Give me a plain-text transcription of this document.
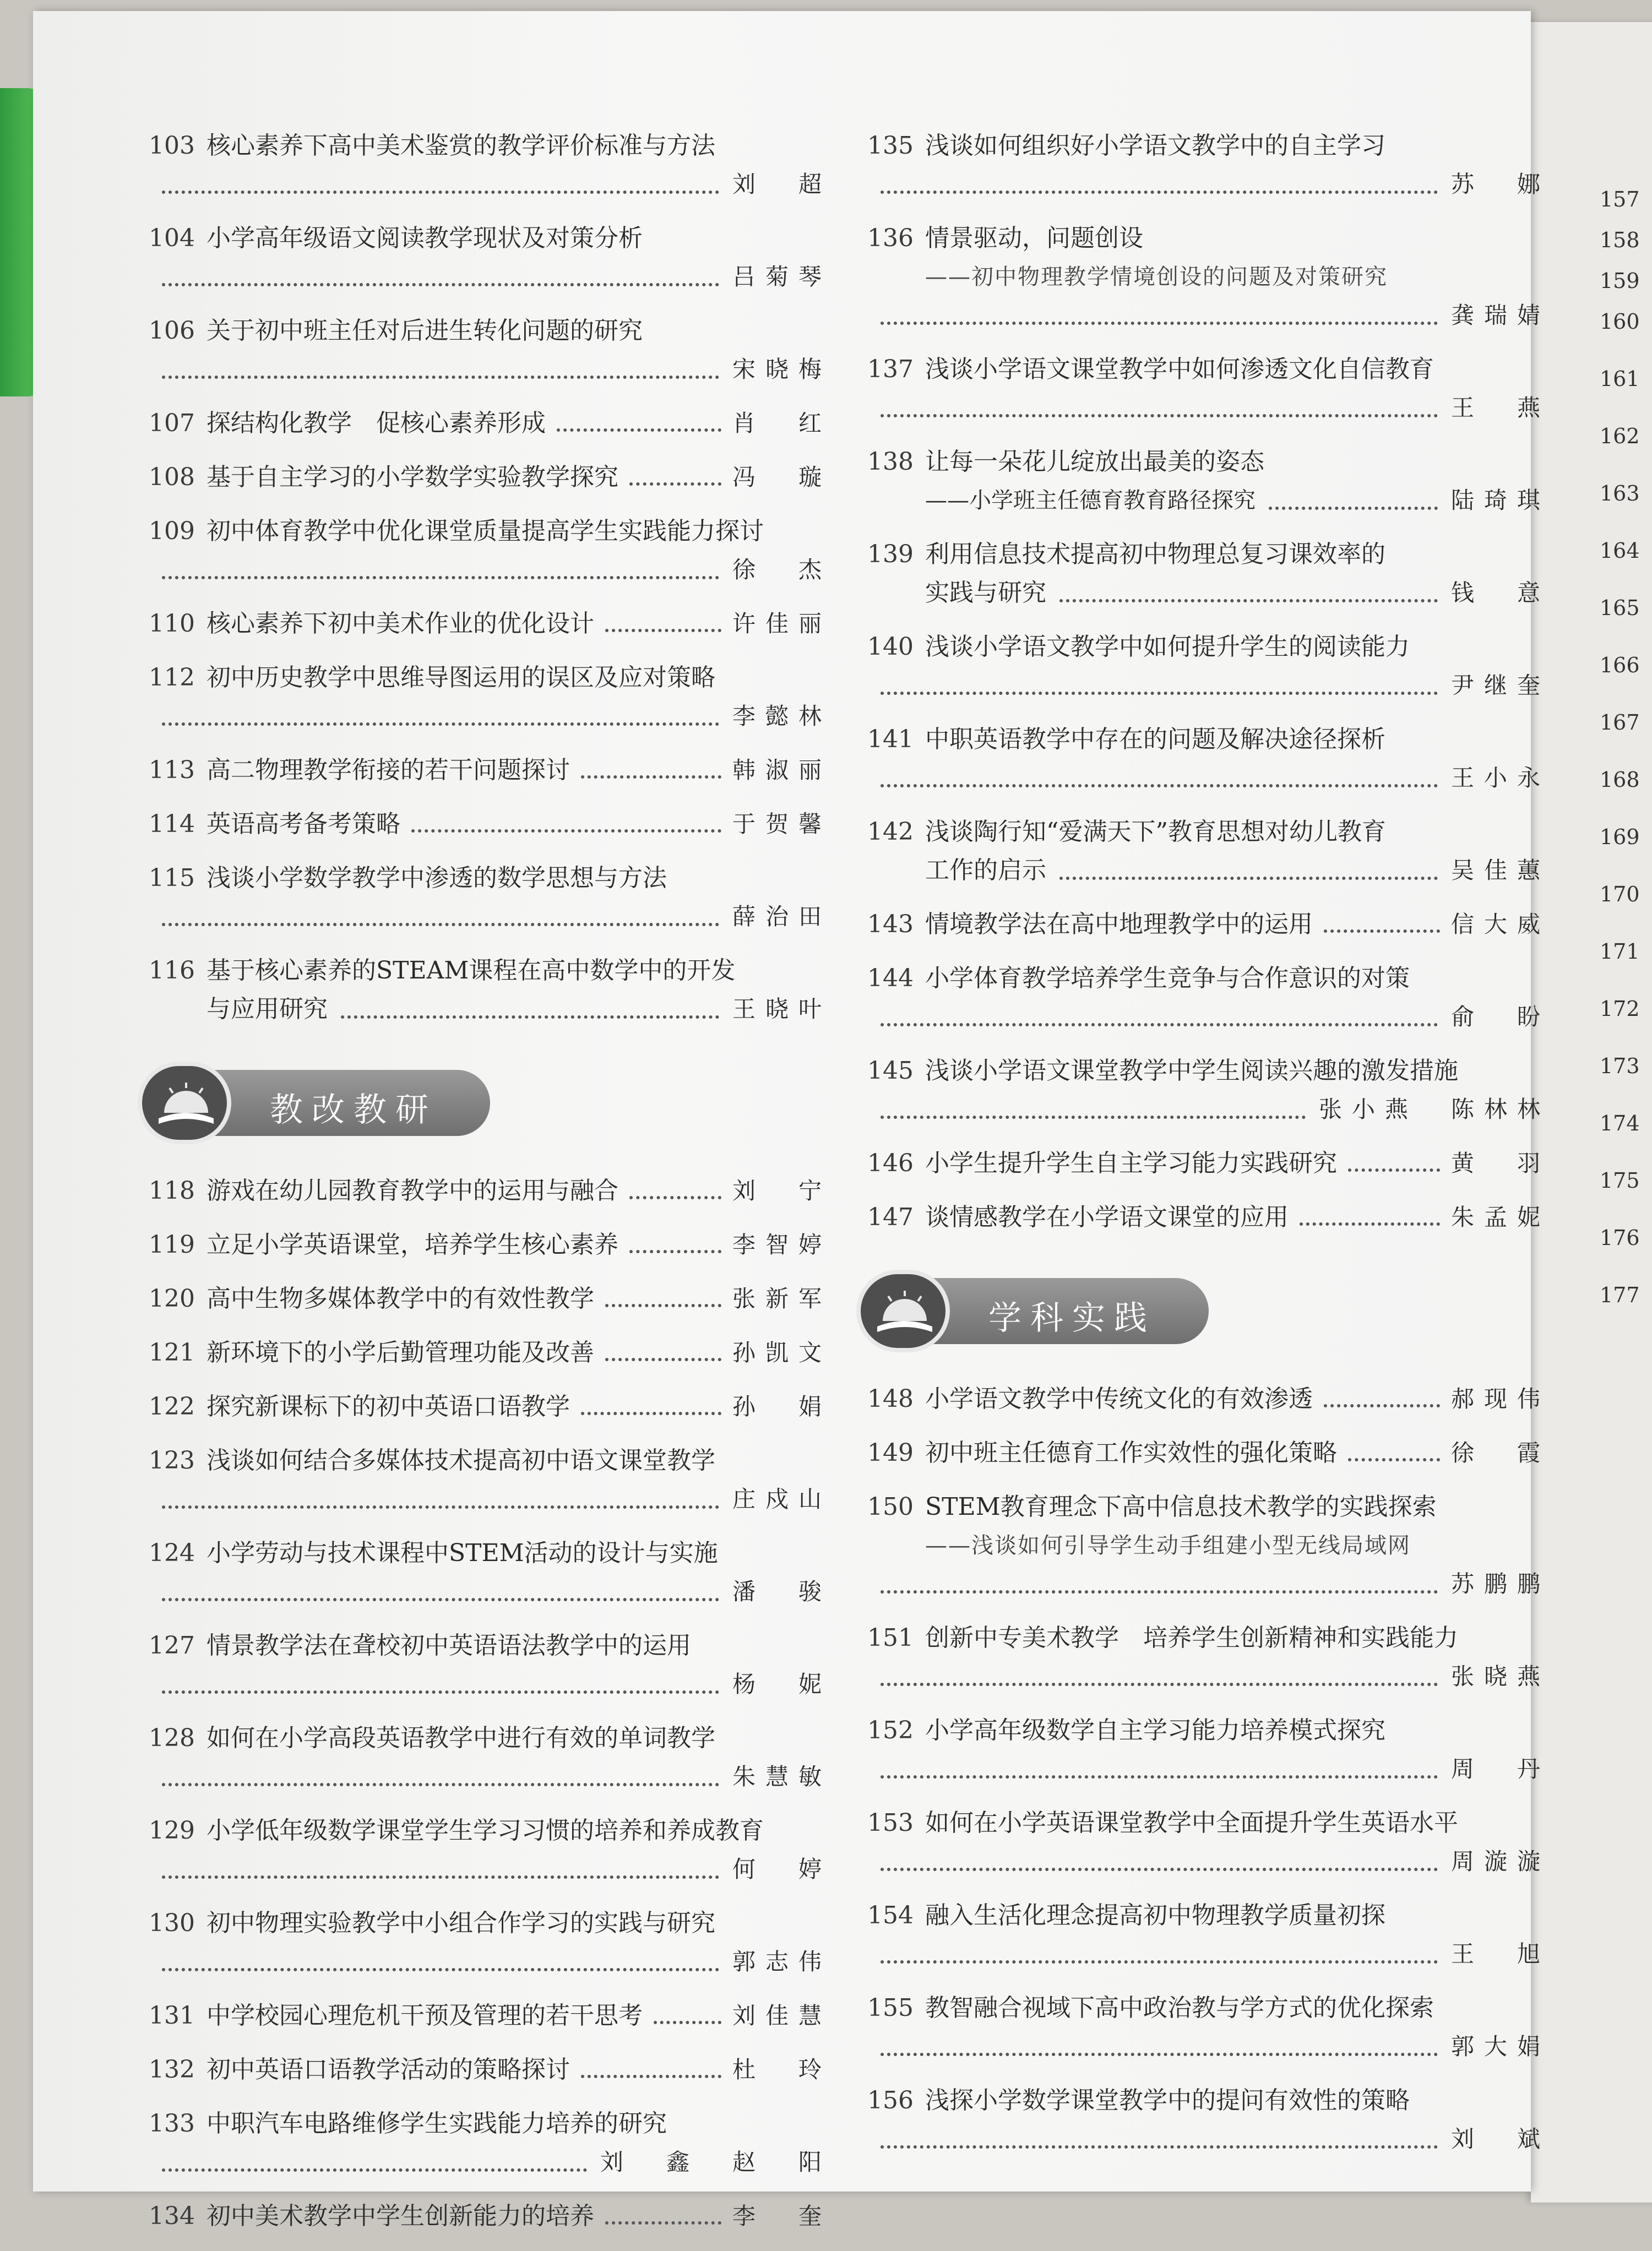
157
158
159
160
161
162
163
164
165
166
167
168
169
170
171
172
173
174
175
176
177
103 核心素养下高中美术鉴赏的教学评价标准与方法
刘　超
104 小学高年级语文阅读教学现状及对策分析
吕菊琴
106 关于初中班主任对后进生转化问题的研究
宋晓梅
107 探结构化教学　促核心素养形成	肖　红
108 基于自主学习的小学数学实验教学探究	冯　璇
109 初中体育教学中优化课堂质量提高学生实践能力探讨
徐　杰
110 核心素养下初中美术作业的优化设计	许佳丽
112 初中历史教学中思维导图运用的误区及应对策略
李懿林
113 高二物理教学衔接的若干问题探讨	韩淑丽
114 英语高考备考策略	于贺馨
115 浅谈小学数学教学中渗透的数学思想与方法
薛治田
116 基于核心素养的STEAM课程在高中数学中的开发
与应用研究	王晓叶
教改教研
118 游戏在幼儿园教育教学中的运用与融合	刘　宁
119 立足小学英语课堂，培养学生核心素养	李智婷
120 高中生物多媒体教学中的有效性教学	张新军
121 新环境下的小学后勤管理功能及改善	孙凯文
122 探究新课标下的初中英语口语教学	孙　娟
123 浅谈如何结合多媒体技术提高初中语文课堂教学
庄戍山
124 小学劳动与技术课程中STEM活动的设计与实施
潘　骏
127 情景教学法在聋校初中英语语法教学中的运用
杨　妮
128 如何在小学高段英语教学中进行有效的单词教学
朱慧敏
129 小学低年级数学课堂学生学习习惯的培养和养成教育
何　婷
130 初中物理实验教学中小组合作学习的实践与研究
郭志伟
131 中学校园心理危机干预及管理的若干思考	刘佳慧
132 初中英语口语教学活动的策略探讨	杜　玲
133 中职汽车电路维修学生实践能力培养的研究
刘　鑫　赵　阳
134 初中美术教学中学生创新能力的培养	李　奎
135 浅谈如何组织好小学语文教学中的自主学习
苏　娜
136 情景驱动，问题创设
——初中物理教学情境创设的问题及对策研究
龚瑞婧
137 浅谈小学语文课堂教学中如何渗透文化自信教育
王　燕
138 让每一朵花儿绽放出最美的姿态
——小学班主任德育教育路径探究	陆琦琪
139 利用信息技术提高初中物理总复习课效率的
实践与研究	钱　意
140 浅谈小学语文教学中如何提升学生的阅读能力
尹继奎
141 中职英语教学中存在的问题及解决途径探析
王小永
142 浅谈陶行知“爱满天下”教育思想对幼儿教育
工作的启示	吴佳蕙
143 情境教学法在高中地理教学中的运用	信大威
144 小学体育教学培养学生竞争与合作意识的对策
俞　盼
145 浅谈小学语文课堂教学中学生阅读兴趣的激发措施
张小燕　陈林林
146 小学生提升学生自主学习能力实践研究	黄　羽
147 谈情感教学在小学语文课堂的应用	朱孟妮
学科实践
148 小学语文教学中传统文化的有效渗透	郝现伟
149 初中班主任德育工作实效性的强化策略	徐　霞
150 STEM教育理念下高中信息技术教学的实践探索
——浅谈如何引导学生动手组建小型无线局域网
苏鹏鹏
151 创新中专美术教学　培养学生创新精神和实践能力
张晓燕
152 小学高年级数学自主学习能力培养模式探究
周　丹
153 如何在小学英语课堂教学中全面提升学生英语水平
周漩漩
154 融入生活化理念提高初中物理教学质量初探
王　旭
155 教智融合视域下高中政治教与学方式的优化探索
郭大娟
156 浅探小学数学课堂教学中的提问有效性的策略
刘　斌
